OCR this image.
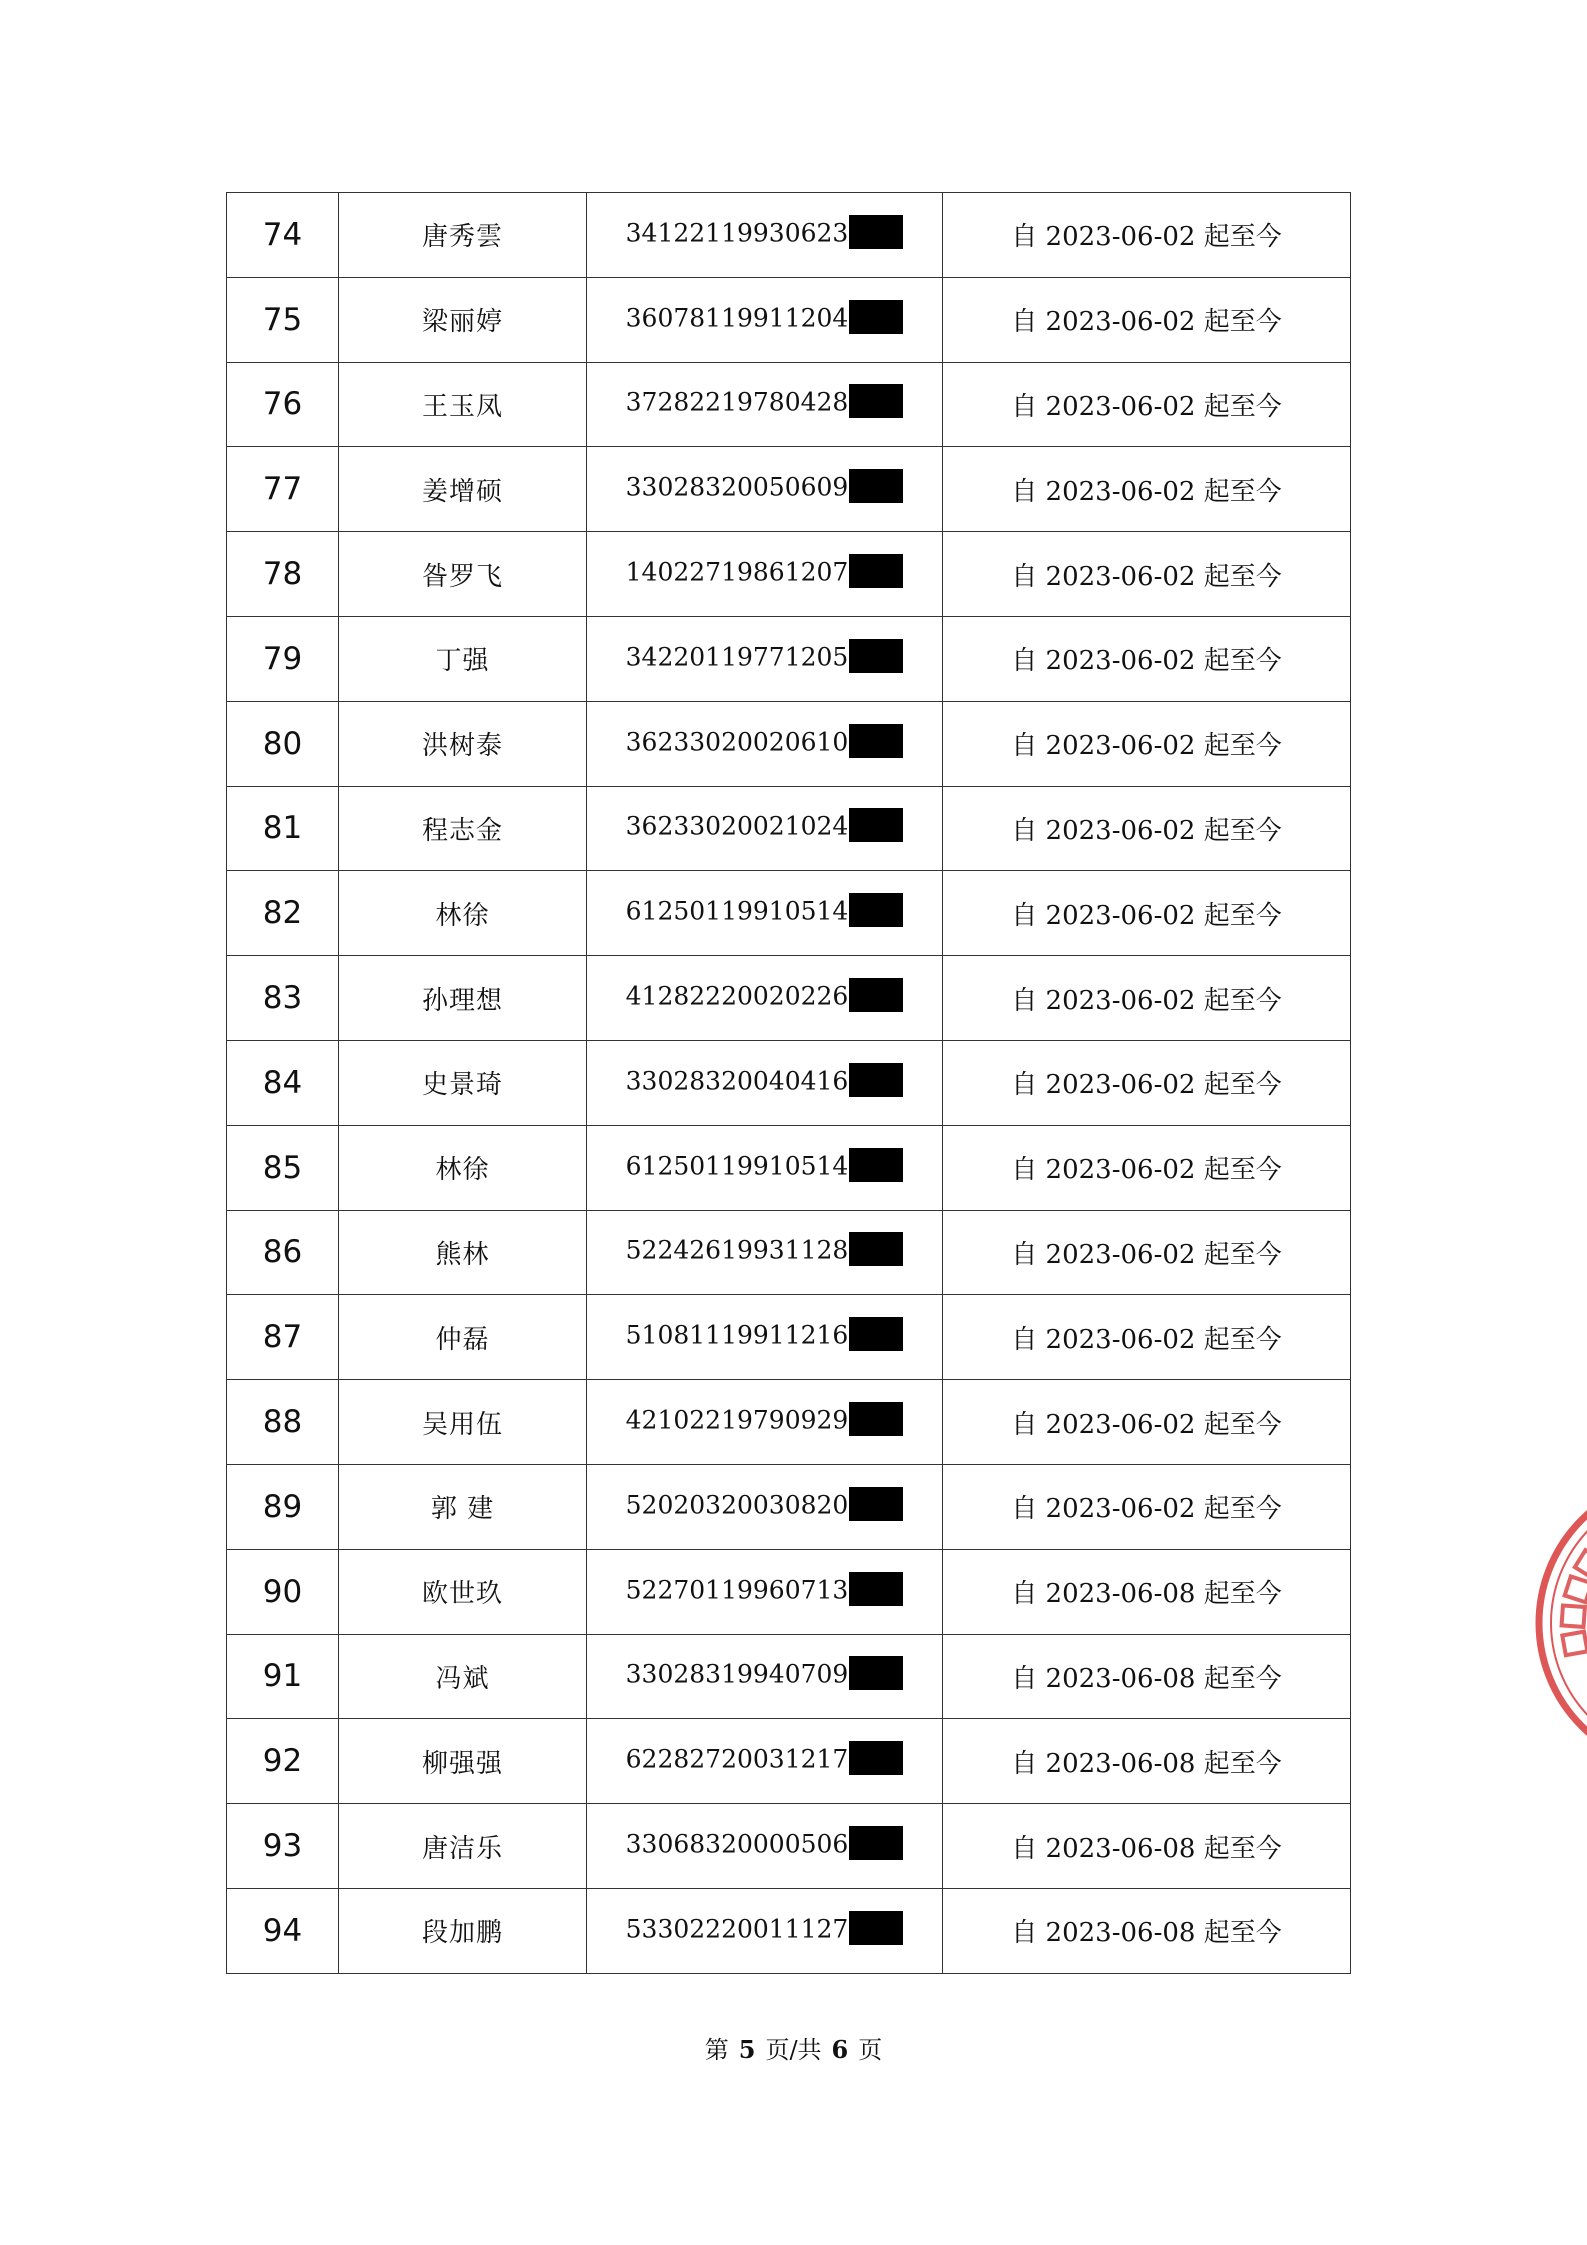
74	唐秀雲	34122119930623	自 2023-06-02 起至今
75	梁丽婷	36078119911204	自 2023-06-02 起至今
76	王玉凤	37282219780428	自 2023-06-02 起至今
77	姜增硕	33028320050609	自 2023-06-02 起至今
78	昝罗飞	14022719861207	自 2023-06-02 起至今
79	丁强	34220119771205	自 2023-06-02 起至今
80	洪树泰	36233020020610	自 2023-06-02 起至今
81	程志金	36233020021024	自 2023-06-02 起至今
82	林徐	61250119910514	自 2023-06-02 起至今
83	孙理想	41282220020226	自 2023-06-02 起至今
84	史景琦	33028320040416	自 2023-06-02 起至今
85	林徐	61250119910514	自 2023-06-02 起至今
86	熊林	52242619931128	自 2023-06-02 起至今
87	仲磊	51081119911216	自 2023-06-02 起至今
88	吴用伍	42102219790929	自 2023-06-02 起至今
89	郭 建	52020320030820	自 2023-06-02 起至今
90	欧世玖	52270119960713	自 2023-06-08 起至今
91	冯斌	33028319940709	自 2023-06-08 起至今
92	柳强强	62282720031217	自 2023-06-08 起至今
93	唐洁乐	33068320000506	自 2023-06-08 起至今
94	段加鹏	53302220011127	自 2023-06-08 起至今
第 5 页/共 6 页
